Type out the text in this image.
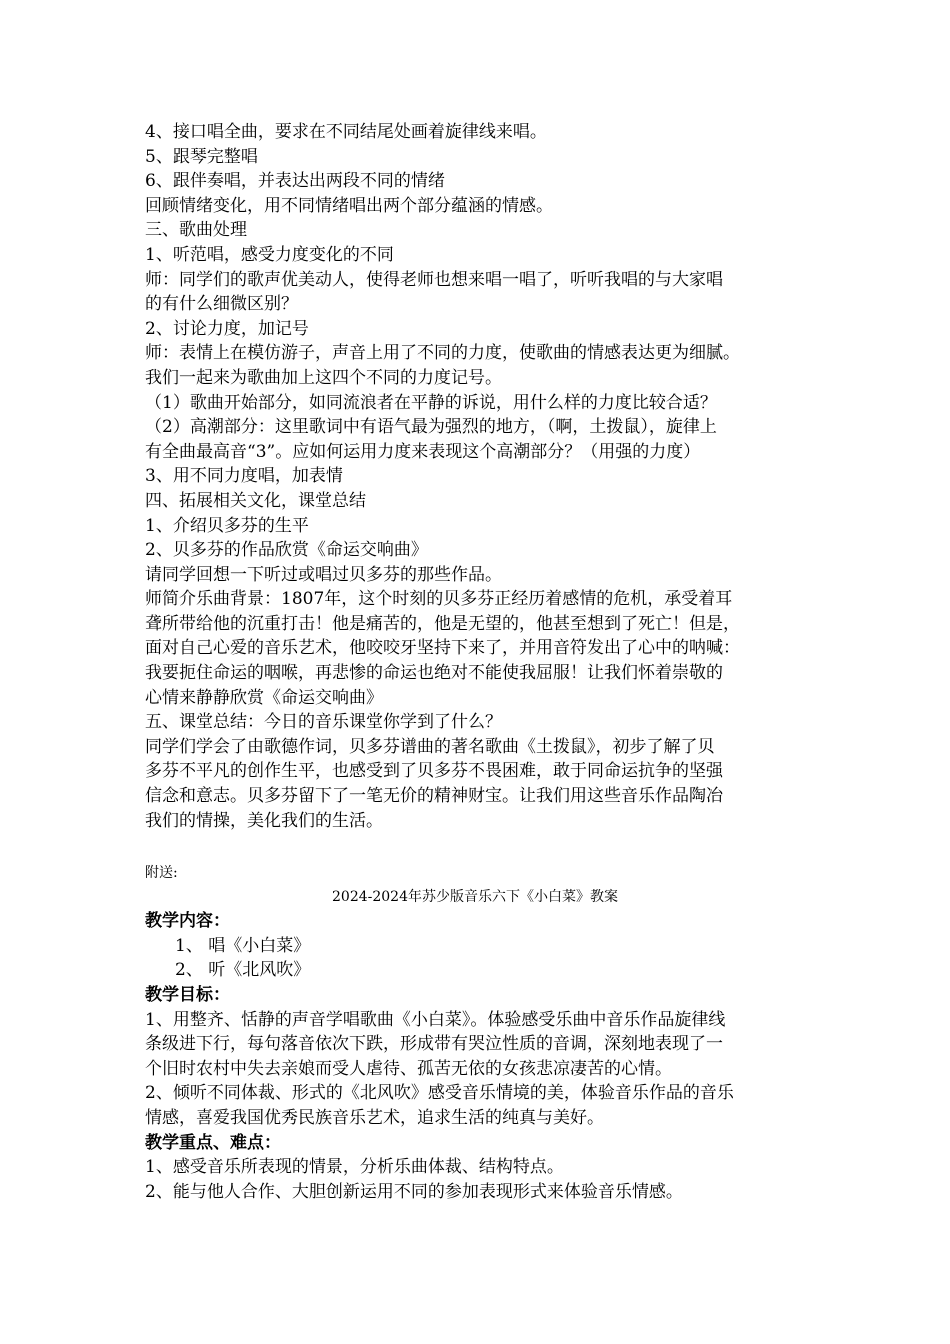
4、接口唱全曲，要求在不同结尾处画着旋律线来唱。
5、跟琴完整唱
6、跟伴奏唱，并表达出两段不同的情绪
回顾情绪变化，用不同情绪唱出两个部分蕴涵的情感。
三、歌曲处理
1、听范唱，感受力度变化的不同
师：同学们的歌声优美动人，使得老师也想来唱一唱了，听听我唱的与大家唱
的有什么细微区别？
2、讨论力度，加记号
师：表情上在模仿游子，声音上用了不同的力度，使歌曲的情感表达更为细腻。
我们一起来为歌曲加上这四个不同的力度记号。
（1）歌曲开始部分，如同流浪者在平静的诉说，用什么样的力度比较合适？
（2）高潮部分：这里歌词中有语气最为强烈的地方，（啊，土拨鼠），旋律上
有全曲最高音“3”。应如何运用力度来表现这个高潮部分？（用强的力度）
3、用不同力度唱，加表情
四、拓展相关文化，课堂总结
1、介绍贝多芬的生平
2、贝多芬的作品欣赏《命运交响曲》
请同学回想一下听过或唱过贝多芬的那些作品。
师简介乐曲背景：1807年，这个时刻的贝多芬正经历着感情的危机，承受着耳
聋所带给他的沉重打击！他是痛苦的，他是无望的，他甚至想到了死亡！但是，
面对自己心爱的音乐艺术，他咬咬牙坚持下来了，并用音符发出了心中的呐喊：
我要扼住命运的咽喉，再悲惨的命运也绝对不能使我屈服！让我们怀着崇敬的
心情来静静欣赏《命运交响曲》
五、课堂总结：今日的音乐课堂你学到了什么？
同学们学会了由歌德作词，贝多芬谱曲的著名歌曲《土拨鼠》，初步了解了贝
多芬不平凡的创作生平，也感受到了贝多芬不畏困难，敢于同命运抗争的坚强
信念和意志。贝多芬留下了一笔无价的精神财宝。让我们用这些音乐作品陶冶
我们的情操，美化我们的生活。
附送:
2024-2024年苏少版音乐六下《小白菜》教案
教学内容：
1、 唱《小白菜》
2、 听《北风吹》
教学目标：
1、用整齐、恬静的声音学唱歌曲《小白菜》。体验感受乐曲中音乐作品旋律线
条级进下行，每句落音依次下跌，形成带有哭泣性质的音调，深刻地表现了一
个旧时农村中失去亲娘而受人虐待、孤苦无依的女孩悲凉凄苦的心情。
2、倾听不同体裁、形式的《北风吹》感受音乐情境的美，体验音乐作品的音乐
情感，喜爱我国优秀民族音乐艺术，追求生活的纯真与美好。
教学重点、难点：
1、感受音乐所表现的情景，分析乐曲体裁、结构特点。
2、能与他人合作、大胆创新运用不同的参加表现形式来体验音乐情感。
